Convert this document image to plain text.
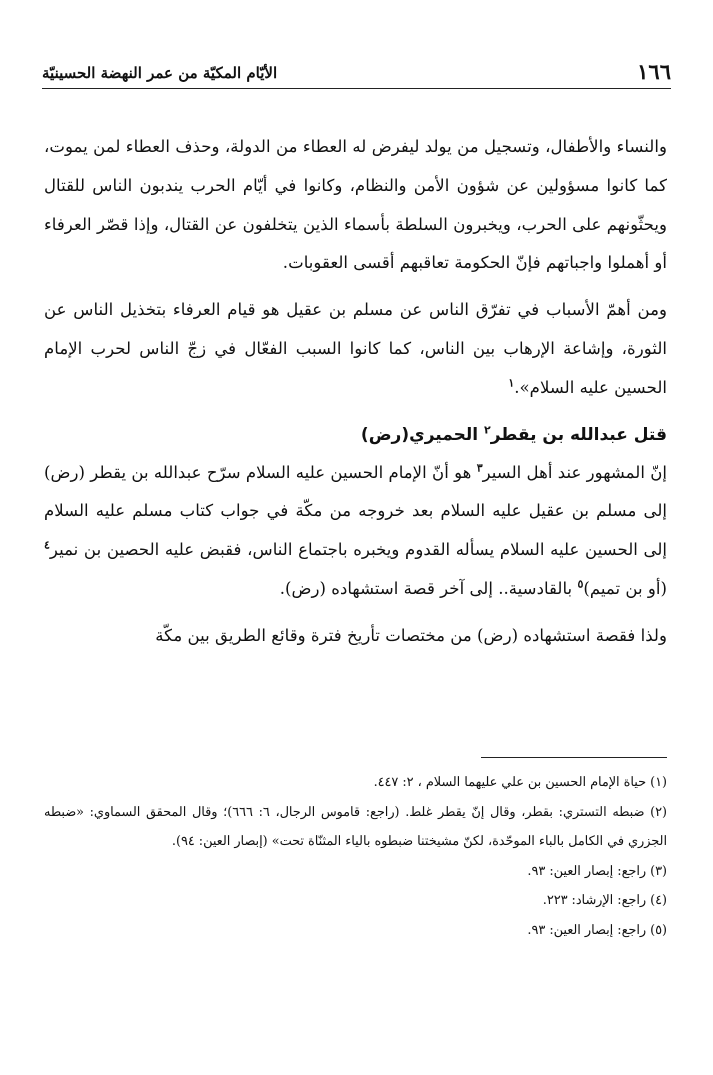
١٦٦
الأيّام المكيّة من عمر النهضة الحسينيّة

والنساء والأطفال، وتسجيل من يولد ليفرض له العطاء من الدولة، وحذف العطاء لمن يموت، كما كانوا مسؤولين عن شؤون الأمن والنظام، وكانوا في أيّام الحرب يندبون الناس للقتال ويحثّونهم على الحرب، ويخبرون السلطة بأسماء الذين يتخلفون عن القتال، وإذا قصّر العرفاء أو أهملوا واجباتهم فإنّ الحكومة تعاقبهم أقسى العقوبات.

ومن أهمّ الأسباب في تفرّق الناس عن مسلم بن عقيل هو قيام العرفاء بتخذيل الناس عن الثورة، وإشاعة الإرهاب بين الناس، كما كانوا السبب الفعّال في زجّ الناس لحرب الإمام الحسين عليه السلام».$^١$

قتل عبدالله بن يقطر$^٢$ الحميري(رض)

إنّ المشهور عند أهل السير$^٣$ هو أنّ الإمام الحسين عليه السلام سرّح عبدالله بن يقطر (رض) إلى مسلم بن عقيل عليه السلام بعد خروجه من مكّة في جواب كتاب مسلم عليه السلام إلى الحسين عليه السلام يسأله القدوم ويخبره باجتماع الناس، فقبض عليه الحصين بن نمير$^٤$ (أو بن تميم)$^٥$ بالقادسية.. إلى آخر قصة استشهاده (رض).

ولذا فقصة استشهاده (رض) من مختصات تأريخ فترة وقائع الطريق بين مكّة

(١) حياة الإمام الحسين بن علي عليهما السلام ، ٢: ٤٤٧.

(٢) ضبطه التستري: بقطر، وقال إنّ يقطر غلط. (راجع: قاموس الرجال، ٦: ٦٦٦)؛ وقال المحقق السماوي: «ضبطه الجزري في الكامل بالباء الموحّدة، لكنّ مشيختنا ضبطوه بالياء المثنّاة تحت» (إبصار العين: ٩٤).

(٣) راجع: إبصار العين: ٩٣.

(٤) راجع: الإرشاد: ٢٢٣.

(٥) راجع: إبصار العين: ٩٣.
